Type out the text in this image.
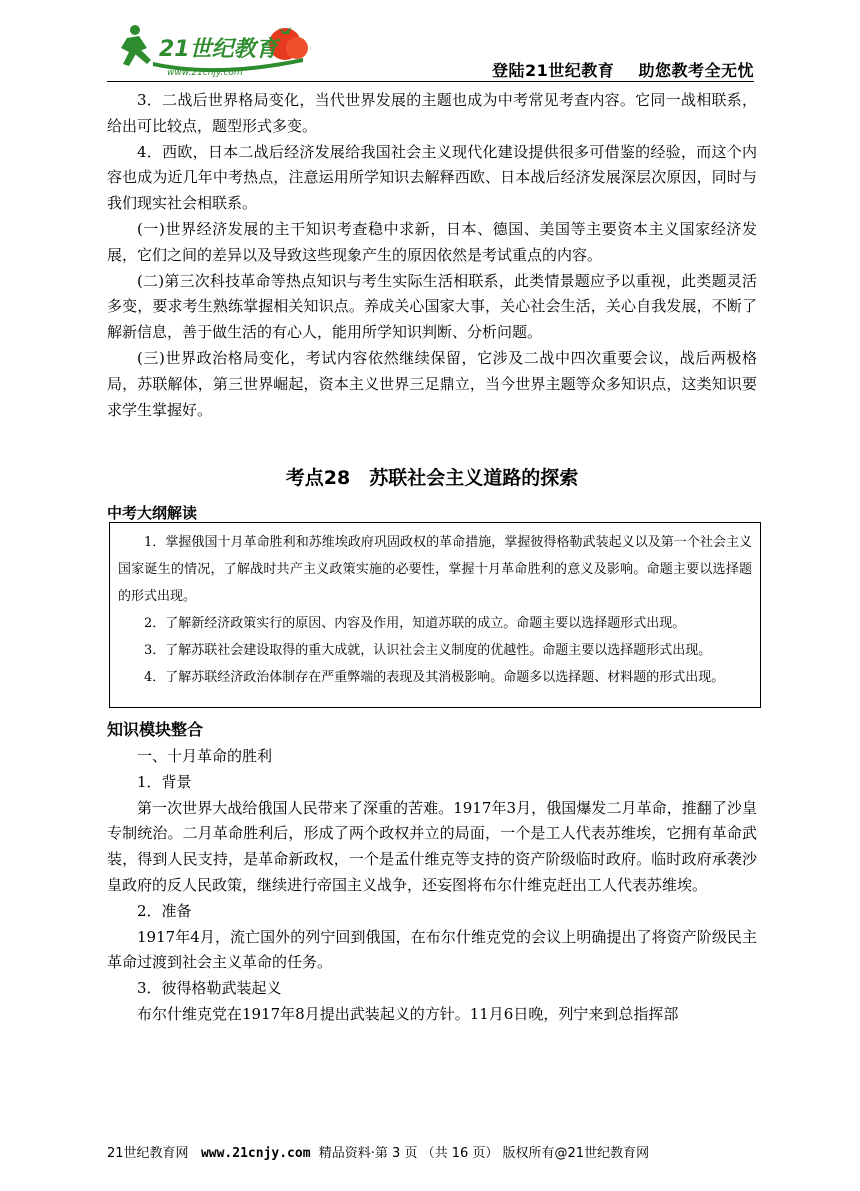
21世纪教育
www.21cnjy.com	登陆21世纪教育    助您教考全无忧

3．二战后世界格局变化，当代世界发展的主题也成为中考常见考查内容。它同一战相联系，给出可比较点，题型形式多变。

4．西欧，日本二战后经济发展给我国社会主义现代化建设提供很多可借鉴的经验，而这个内容也成为近几年中考热点，注意运用所学知识去解释西欧、日本战后经济发展深层次原因，同时与我们现实社会相联系。

(一)世界经济发展的主干知识考查稳中求新，日本、德国、美国等主要资本主义国家经济发展，它们之间的差异以及导致这些现象产生的原因依然是考试重点的内容。

(二)第三次科技革命等热点知识与考生实际生活相联系，此类情景题应予以重视，此类题灵活多变，要求考生熟练掌握相关知识点。养成关心国家大事，关心社会生活，关心自我发展，不断了解新信息，善于做生活的有心人，能用所学知识判断、分析问题。

(三)世界政治格局变化，考试内容依然继续保留，它涉及二战中四次重要会议，战后两极格局，苏联解体，第三世界崛起，资本主义世界三足鼎立，当今世界主题等众多知识点，这类知识要求学生掌握好。

考点28　苏联社会主义道路的探索
中考大纲解读

1．掌握俄国十月革命胜利和苏维埃政府巩固政权的革命措施，掌握彼得格勒武装起义以及第一个社会主义国家诞生的情况，了解战时共产主义政策实施的必要性，掌握十月革命胜利的意义及影响。命题主要以选择题的形式出现。

2．了解新经济政策实行的原因、内容及作用，知道苏联的成立。命题主要以选择题形式出现。

3．了解苏联社会建设取得的重大成就，认识社会主义制度的优越性。命题主要以选择题形式出现。

4．了解苏联经济政治体制存在严重弊端的表现及其消极影响。命题多以选择题、材料题的形式出现。

知识模块整合

一、十月革命的胜利

1．背景

第一次世界大战给俄国人民带来了深重的苦难。1917年3月，俄国爆发二月革命，推翻了沙皇专制统治。二月革命胜利后，形成了两个政权并立的局面，一个是工人代表苏维埃，它拥有革命武装，得到人民支持，是革命新政权，一个是孟什维克等支持的资产阶级临时政府。临时政府承袭沙皇政府的反人民政策，继续进行帝国主义战争，还妄图将布尔什维克赶出工人代表苏维埃。

2．准备

1917年4月，流亡国外的列宁回到俄国，在布尔什维克党的会议上明确提出了将资产阶级民主革命过渡到社会主义革命的任务。

3．彼得格勒武装起义

布尔什维克党在1917年8月提出武装起义的方针。11月6日晚，列宁来到总指挥部

21世纪教育网   www.21cnjy.com  精品资料·第 3 页 （共 16 页） 版权所有@21世纪教育网
